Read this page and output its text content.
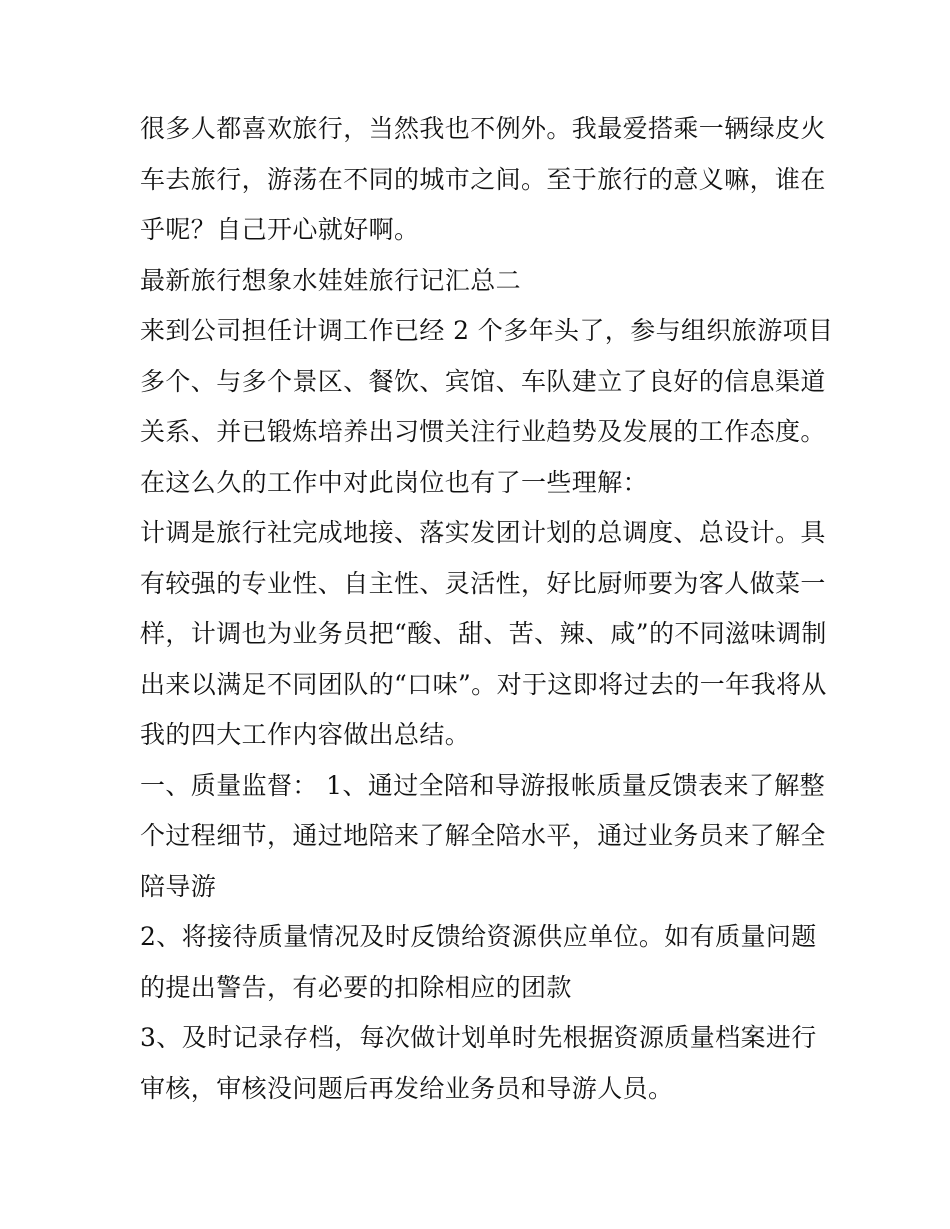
很多人都喜欢旅行，当然我也不例外。我最爱搭乘一辆绿皮火
车去旅行，游荡在不同的城市之间。至于旅行的意义嘛，谁在
乎呢？自己开心就好啊。

最新旅行想象水娃娃旅行记汇总二

来到公司担任计调工作已经 2 个多年头了，参与组织旅游项目
多个、与多个景区、餐饮、宾馆、车队建立了良好的信息渠道
关系、并已锻炼培养出习惯关注行业趋势及发展的工作态度。
在这么久的工作中对此岗位也有了一些理解：

计调是旅行社完成地接、落实发团计划的总调度、总设计。具
有较强的专业性、自主性、灵活性，好比厨师要为客人做菜一
样，计调也为业务员把“酸、甜、苦、辣、咸”的不同滋味调制
出来以满足不同团队的“口味”。对于这即将过去的一年我将从
我的四大工作内容做出总结。

一、质量监督： 1、通过全陪和导游报帐质量反馈表来了解整
个过程细节，通过地陪来了解全陪水平，通过业务员来了解全
陪导游

2、将接待质量情况及时反馈给资源供应单位。如有质量问题
的提出警告，有必要的扣除相应的团款

3、及时记录存档，每次做计划单时先根据资源质量档案进行
审核，审核没问题后再发给业务员和导游人员。
